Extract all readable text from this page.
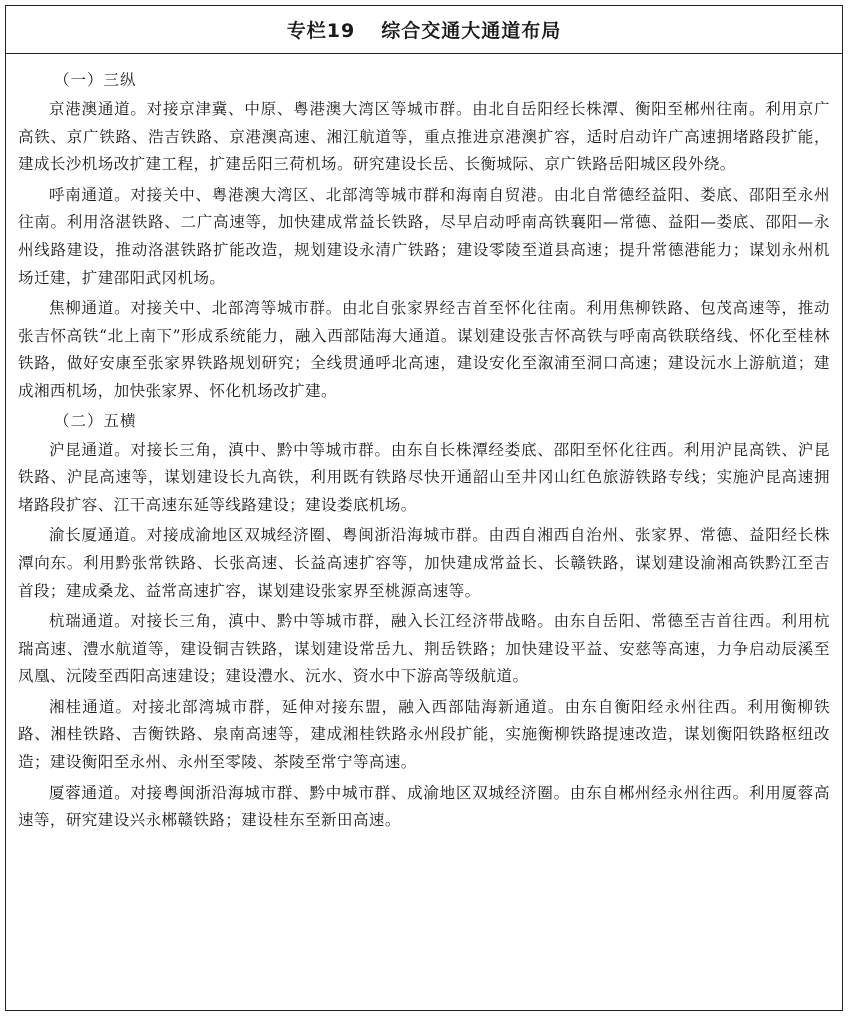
专栏19 综合交通大通道布局
（一）三纵

京港澳通道。对接京津冀、中原、粤港澳大湾区等城市群。由北自岳阳经长株潭、衡阳至郴州往南。利用京广高铁、京广铁路、浩吉铁路、京港澳高速、湘江航道等，重点推进京港澳扩容，适时启动许广高速拥堵路段扩能，建成长沙机场改扩建工程，扩建岳阳三荷机场。研究建设长岳、长衡城际、京广铁路岳阳城区段外绕。

呼南通道。对接关中、粤港澳大湾区、北部湾等城市群和海南自贸港。由北自常德经益阳、娄底、邵阳至永州往南。利用洛湛铁路、二广高速等，加快建成常益长铁路，尽早启动呼南高铁襄阳—常德、益阳—娄底、邵阳—永州线路建设，推动洛湛铁路扩能改造，规划建设永清广铁路；建设零陵至道县高速；提升常德港能力；谋划永州机场迁建，扩建邵阳武冈机场。

焦柳通道。对接关中、北部湾等城市群。由北自张家界经吉首至怀化往南。利用焦柳铁路、包茂高速等，推动张吉怀高铁“北上南下”形成系统能力，融入西部陆海大通道。谋划建设张吉怀高铁与呼南高铁联络线、怀化至桂林铁路，做好安康至张家界铁路规划研究；全线贯通呼北高速，建设安化至溆浦至洞口高速；建设沅水上游航道；建成湘西机场，加快张家界、怀化机场改扩建。

（二）五横

沪昆通道。对接长三角，滇中、黔中等城市群。由东自长株潭经娄底、邵阳至怀化往西。利用沪昆高铁、沪昆铁路、沪昆高速等，谋划建设长九高铁，利用既有铁路尽快开通韶山至井冈山红色旅游铁路专线；实施沪昆高速拥堵路段扩容、江干高速东延等线路建设；建设娄底机场。

渝长厦通道。对接成渝地区双城经济圈、粤闽浙沿海城市群。由西自湘西自治州、张家界、常德、益阳经长株潭向东。利用黔张常铁路、长张高速、长益高速扩容等，加快建成常益长、长赣铁路，谋划建设渝湘高铁黔江至吉首段；建成桑龙、益常高速扩容，谋划建设张家界至桃源高速等。

杭瑞通道。对接长三角，滇中、黔中等城市群，融入长江经济带战略。由东自岳阳、常德至吉首往西。利用杭瑞高速、澧水航道等，建设铜吉铁路，谋划建设常岳九、荆岳铁路；加快建设平益、安慈等高速，力争启动辰溪至凤凰、沅陵至西阳高速建设；建设澧水、沅水、资水中下游高等级航道。

湘桂通道。对接北部湾城市群，延伸对接东盟，融入西部陆海新通道。由东自衡阳经永州往西。利用衡柳铁路、湘桂铁路、吉衡铁路、泉南高速等，建成湘桂铁路永州段扩能，实施衡柳铁路提速改造，谋划衡阳铁路枢纽改造；建设衡阳至永州、永州至零陵、茶陵至常宁等高速。

厦蓉通道。对接粤闽浙沿海城市群、黔中城市群、成渝地区双城经济圈。由东自郴州经永州往西。利用厦蓉高速等，研究建设兴永郴赣铁路；建设桂东至新田高速。
